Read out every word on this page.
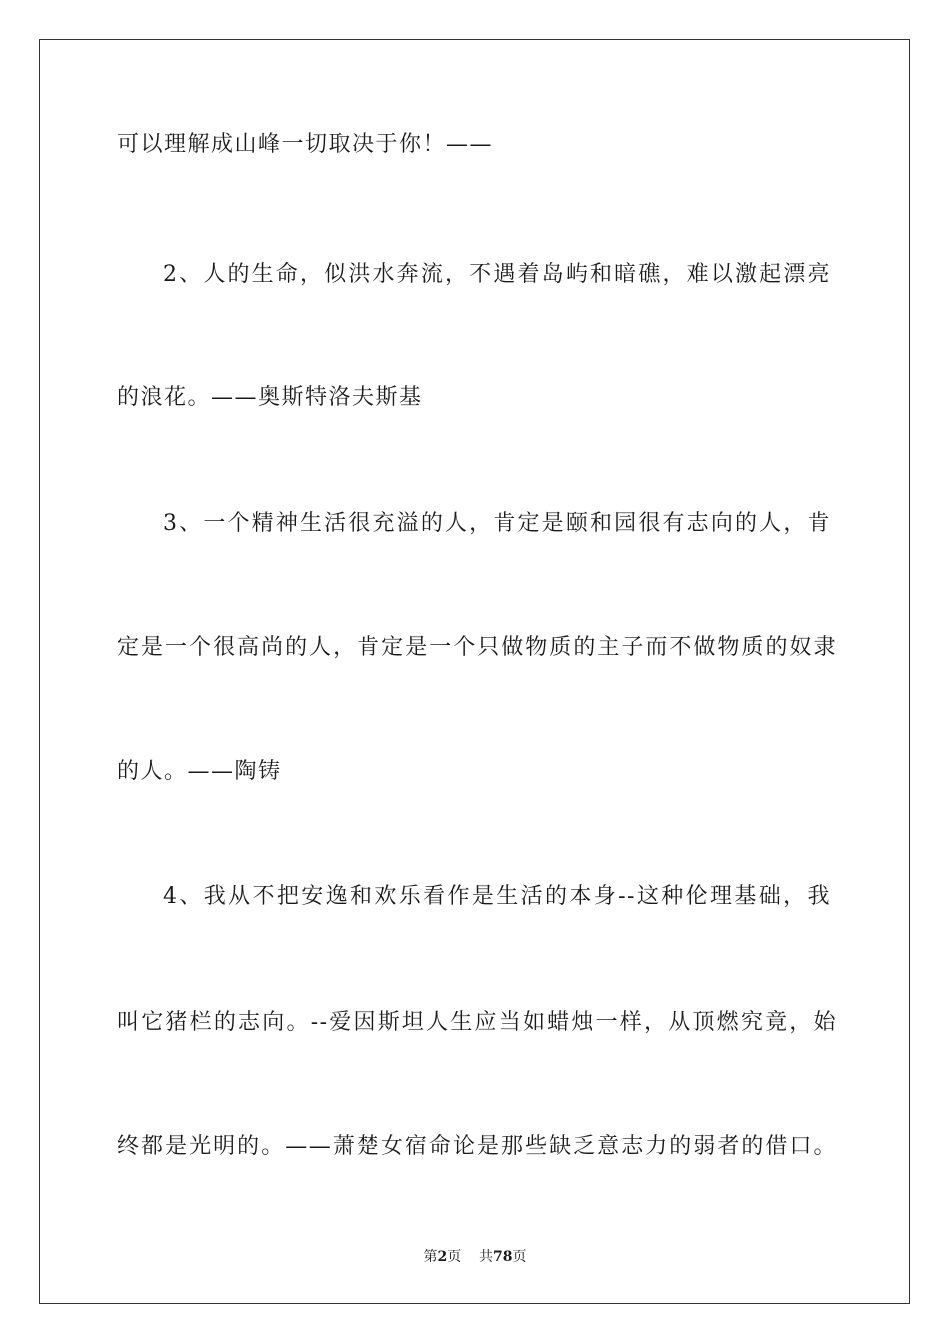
可以理解成山峰一切取决于你！——
2、人的生命，似洪水奔流，不遇着岛屿和暗礁，难以激起漂亮
的浪花。——奥斯特洛夫斯基
3、一个精神生活很充溢的人，肯定是颐和园很有志向的人，肯
定是一个很高尚的人，肯定是一个只做物质的主子而不做物质的奴隶
的人。——陶铸
4、我从不把安逸和欢乐看作是生活的本身--这种伦理基础，我
叫它猪栏的志向。--爱因斯坦人生应当如蜡烛一样，从顶燃究竟，始
终都是光明的。——萧楚女宿命论是那些缺乏意志力的弱者的借口。
第2页 共78页
